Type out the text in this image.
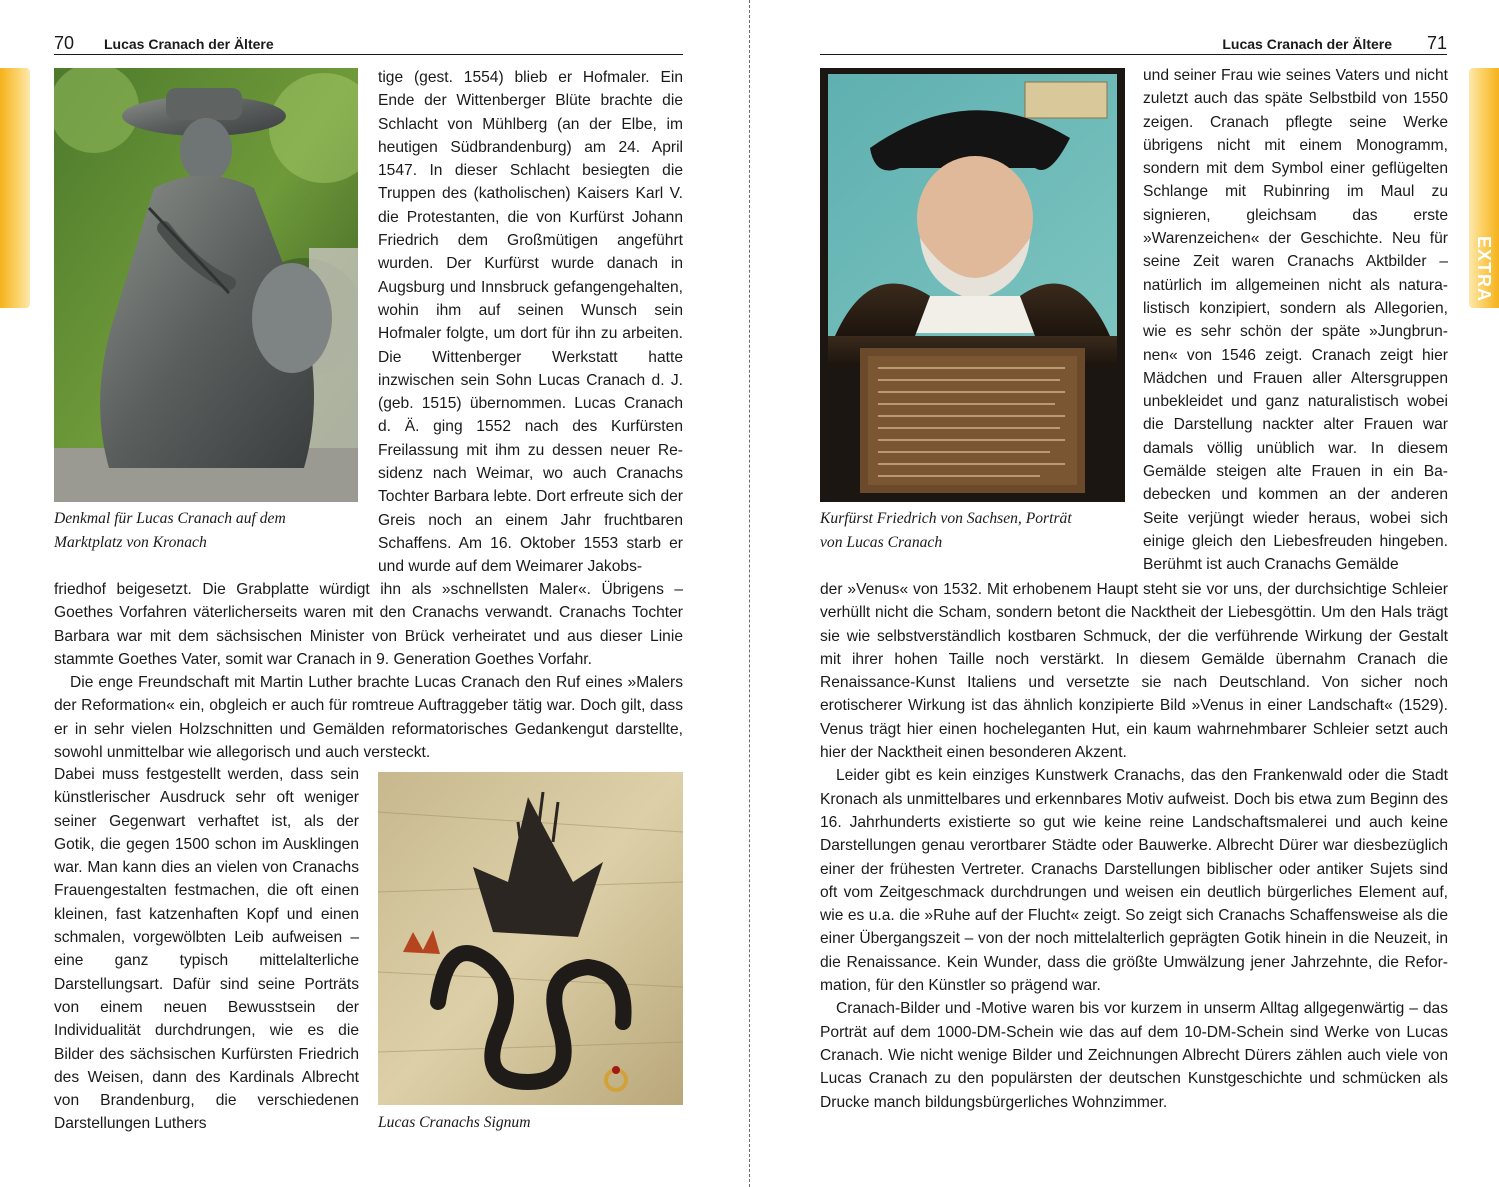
70 Lucas Cranach der Ältere
Denkmal für Lucas Cranach auf dem
Marktplatz von Kronach
tige (gest. 1554) blieb er Hofmaler. Ein Ende der Wittenberger Blüte brachte die Schlacht von Mühlberg (an der Elbe, im heutigen Südbrandenburg) am 24. April 1547. In dieser Schlacht besiegten die Truppen des (katholischen) Kaisers Karl V. die Protestanten, die von Kurfürst Johann Friedrich dem Großmütigen angeführt wurden. Der Kurfürst wurde danach in Augsburg und Innsbruck gefangengehalten, wohin ihm auf seinen Wunsch sein Hofmaler folgte, um dort für ihn zu arbeiten. Die Wittenberger Werkstatt hatte inzwischen sein Sohn Lucas Cranach d. J. (geb. 1515) übernommen. Lucas Cranach d. Ä. ging 1552 nach des Kurfürsten Freilassung mit ihm zu dessen neuer Residenz nach Weimar, wo auch Cranachs Tochter Barbara lebte. Dort erfreute sich der Greis noch an einem Jahr fruchtbaren Schaffens. Am 16. Oktober 1553 starb er und wurde auf dem Weimarer Jakobs-

friedhof beigesetzt. Die Grabplatte würdigt ihn als »schnellsten Maler«. Übrigens – Goethes Vorfahren väterlicherseits waren mit den Cranachs verwandt. Cranachs Tochter Barbara war mit dem sächsischen Minister von Brück verheiratet und aus dieser Linie stammte Goethes Vater, somit war Cranach in 9. Generation Goethes Vorfahr.

Die enge Freundschaft mit Martin Luther brachte Lucas Cranach den Ruf eines »Malers der Reformation« ein, obgleich er auch für romtreue Auftraggeber tätig war. Doch gilt, dass er in sehr vielen Holzschnitten und Gemälden reformatorisches Gedankengut darstellte, sowohl unmittelbar wie allegorisch und auch versteckt.

Dabei muss festgestellt werden, dass sein künstlerischer Ausdruck sehr oft weniger seiner Gegenwart verhaftet ist, als der Gotik, die gegen 1500 schon im Ausklingen war. Man kann dies an vielen von Cranachs Frauengestalten festmachen, die oft einen kleinen, fast katzenhaften Kopf und einen schmalen, vorgewölbten Leib aufweisen – eine ganz typisch mittelalterliche Darstellungsart. Dafür sind seine Porträts von einem neuen Bewusstsein der Individualität durchdrungen, wie es die Bilder des sächsischen Kurfürsten Friedrich des Weisen, dann des Kardinals Albrecht von Brandenburg, die verschiedenen Darstellungen Luthers	Lucas Cranachs Signum
Lucas Cranach der Ältere 71
EXTRA
Kurfürst Friedrich von Sachsen, Porträt
von Lucas Cranach
und seiner Frau wie seines Vaters und nicht zuletzt auch das späte Selbstbild von 1550 zeigen. Cranach pflegte seine Werke übrigens nicht mit einem Monogramm, sondern mit dem Symbol einer geflügelten Schlange mit Rubinring im Maul zu signieren, gleichsam das erste »Warenzeichen« der Geschichte. Neu für seine Zeit waren Cranachs Aktbilder – natürlich im allgemeinen nicht als naturalistisch konzipiert, sondern als Allegorien, wie es sehr schön der späte »Jungbrunnen« von 1546 zeigt. Cranach zeigt hier Mädchen und Frauen aller Altersgruppen unbekleidet und ganz naturalistisch wobei die Darstellung nackter alter Frauen war damals völlig unüblich war. In diesem Gemälde steigen alte Frauen in ein Badebecken und kommen an der anderen Seite verjüngt wieder heraus, wobei sich einige gleich den Liebesfreuden hingeben. Berühmt ist auch Cranachs Gemälde

der »Venus« von 1532. Mit erhobenem Haupt steht sie vor uns, der durchsichtige Schleier verhüllt nicht die Scham, sondern betont die Nacktheit der Liebesgöttin. Um den Hals trägt sie wie selbstverständlich kostbaren Schmuck, der die verführende Wirkung der Gestalt mit ihrer hohen Taille noch verstärkt. In diesem Gemälde übernahm Cranach die Renaissance-Kunst Italiens und versetzte sie nach Deutschland. Von sicher noch erotischerer Wirkung ist das ähnlich konzipierte Bild »Venus in einer Landschaft« (1529). Venus trägt hier einen hocheleganten Hut, ein kaum wahrnehmbarer Schleier setzt auch hier der Nacktheit einen besonderen Akzent.

Leider gibt es kein einziges Kunstwerk Cranachs, das den Frankenwald oder die Stadt Kronach als unmittelbares und erkennbares Motiv aufweist. Doch bis etwa zum Beginn des 16. Jahrhunderts existierte so gut wie keine reine Landschaftsmalerei und auch keine Darstellungen genau verortbarer Städte oder Bauwerke. Albrecht Dürer war diesbezüglich einer der frühesten Vertreter. Cranachs Darstellungen biblischer oder antiker Sujets sind oft vom Zeitgeschmack durchdrungen und weisen ein deutlich bürgerliches Element auf, wie es u.a. die »Ruhe auf der Flucht« zeigt. So zeigt sich Cranachs Schaffensweise als die einer Übergangszeit – von der noch mittelalterlich geprägten Gotik hinein in die Neuzeit, in die Renaissance. Kein Wunder, dass die größte Umwälzung jener Jahrzehnte, die Reformation, für den Künstler so prägend war.

Cranach-Bilder und -Motive waren bis vor kurzem in unserm Alltag allgegenwärtig – das Porträt auf dem 1000-DM-Schein wie das auf dem 10-DM-Schein sind Werke von Lucas Cranach. Wie nicht wenige Bilder und Zeichnungen Albrecht Dürers zählen auch viele von Lucas Cranach zu den populärsten der deutschen Kunstgeschichte und schmücken als Drucke manch bildungsbürgerliches Wohnzimmer.
